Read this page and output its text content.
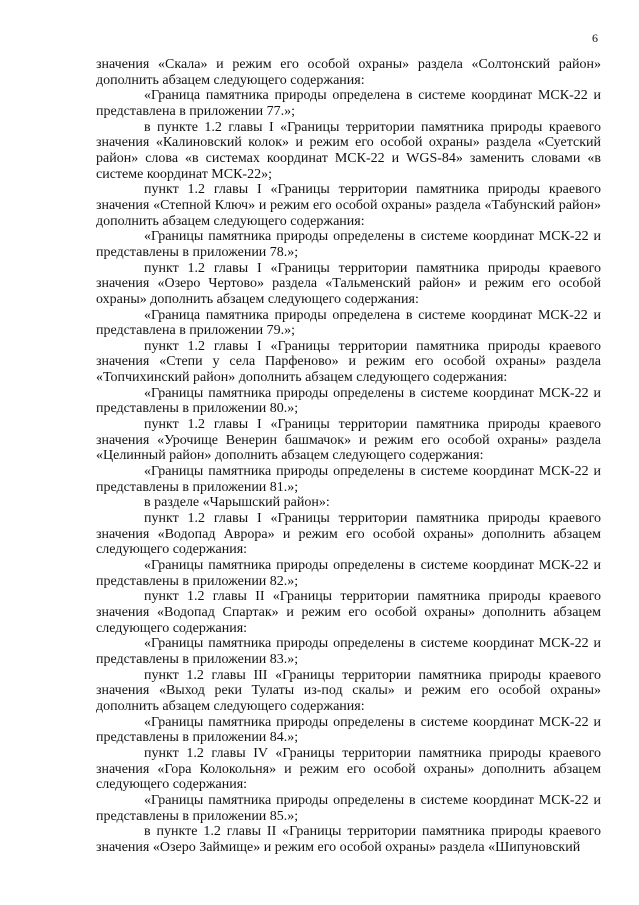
6

значения «Скала» и режим его особой охраны» раздела «Солтонский район» дополнить абзацем следующего содержания:

«Граница памятника природы определена в системе координат МСК-22 и представлена в приложении 77.»;

в пункте 1.2 главы I «Границы территории памятника природы краевого значения «Калиновский колок» и режим его особой охраны» раздела «Суетский район» слова «в системах координат МСК-22 и WGS-84» заменить словами «в системе координат МСК-22»;

пункт 1.2 главы I «Границы территории памятника природы краевого значения «Степной Ключ» и режим его особой охраны» раздела «Табунский район» дополнить абзацем следующего содержания:

«Границы памятника природы определены в системе координат МСК-22 и представлены в приложении 78.»;

пункт 1.2 главы I «Границы территории памятника природы краевого значения «Озеро Чертово» раздела «Тальменский район» и режим его особой охраны» дополнить абзацем следующего содержания:

«Граница памятника природы определена в системе координат МСК-22 и представлена в приложении 79.»;

пункт 1.2 главы I «Границы территории памятника природы краевого значения «Степи у села Парфеново» и режим его особой охраны» раздела «Топчихинский район» дополнить абзацем следующего содержания:

«Границы памятника природы определены в системе координат МСК-22 и представлены в приложении 80.»;

пункт 1.2 главы I «Границы территории памятника природы краевого значения «Урочище Венерин башмачок» и режим его особой охраны» раздела «Целинный район» дополнить абзацем следующего содержания:

«Границы памятника природы определены в системе координат МСК-22 и представлены в приложении 81.»;

в разделе «Чарышский район»:

пункт 1.2 главы I «Границы территории памятника природы краевого значения «Водопад Аврора» и режим его особой охраны» дополнить абзацем следующего содержания:

«Границы памятника природы определены в системе координат МСК-22 и представлены в приложении 82.»;

пункт 1.2 главы II «Границы территории памятника природы краевого значения «Водопад Спартак» и режим его особой охраны» дополнить абзацем следующего содержания:

«Границы памятника природы определены в системе координат МСК-22 и представлены в приложении 83.»;

пункт 1.2 главы III «Границы территории памятника природы краевого значения «Выход реки Тулаты из-под скалы» и режим его особой охраны» дополнить абзацем следующего содержания:

«Границы памятника природы определены в системе координат МСК-22 и представлены в приложении 84.»;

пункт 1.2 главы IV «Границы территории памятника природы краевого значения «Гора Колокольня» и режим его особой охраны» дополнить абзацем следующего содержания:

«Границы памятника природы определены в системе координат МСК-22 и представлены в приложении 85.»;

в пункте 1.2 главы II «Границы территории памятника природы краевого значения «Озеро Займище» и режим его особой охраны» раздела «Шипуновский
